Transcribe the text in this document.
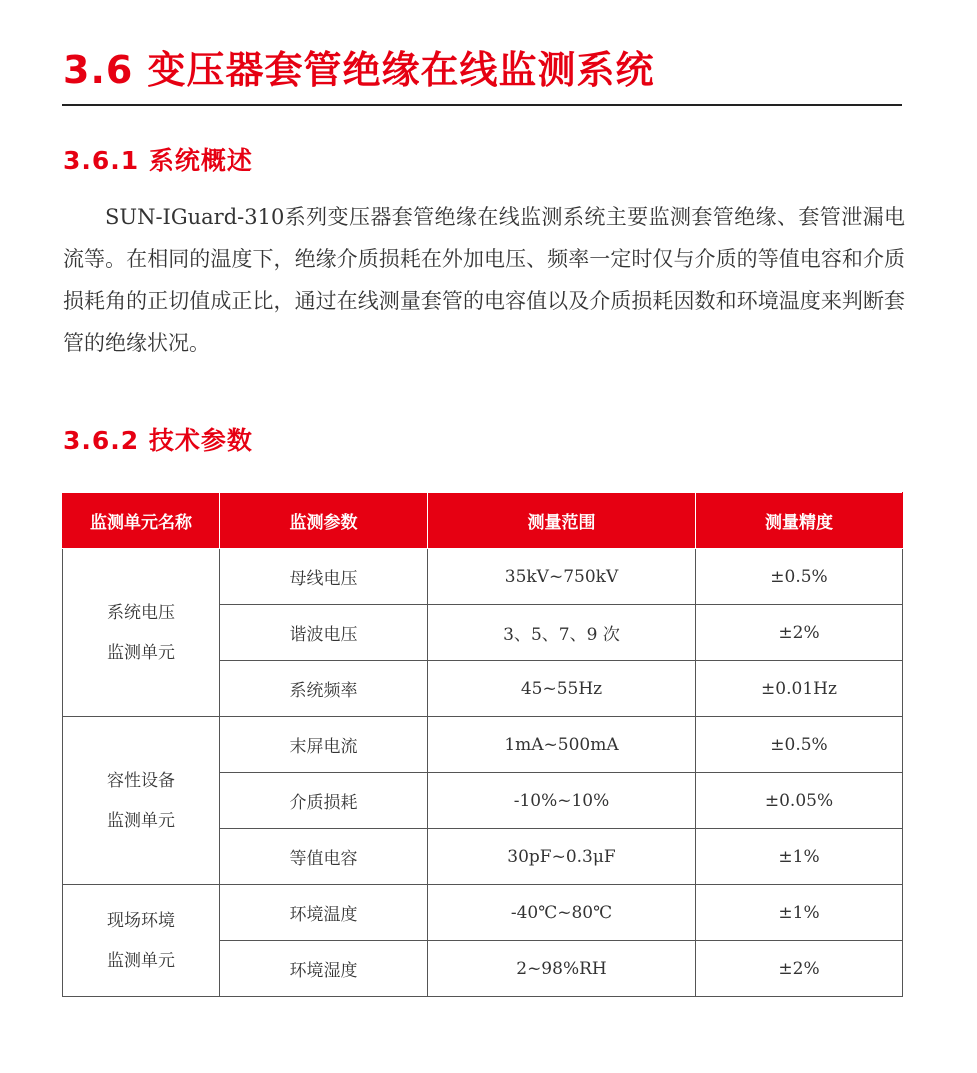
3.6 变压器套管绝缘在线监测系统
3.6.1 系统概述

SUN-IGuard-310系列变压器套管绝缘在线监测系统主要监测套管绝缘、套管泄漏电流等。在相同的温度下，绝缘介质损耗在外加电压、频率一定时仅与介质的等值电容和介质损耗角的正切值成正比，通过在线测量套管的电容值以及介质损耗因数和环境温度来判断套管的绝缘状况。

3.6.2 技术参数
监测单元名称	监测参数	测量范围	测量精度

系统电压
监测单元	母线电压	35kV~750kV	±0.5%
	谐波电压	3、5、7、9 次	±2%
	系统频率	45~55Hz	±0.01Hz

容性设备
监测单元	末屏电流	1mA~500mA	±0.5%
	介质损耗	-10%~10%	±0.05%
	等值电容	30pF~0.3μF	±1%

现场环境
监测单元	环境温度	-40℃~80℃	±1%
	环境湿度	2~98%RH	±2%
